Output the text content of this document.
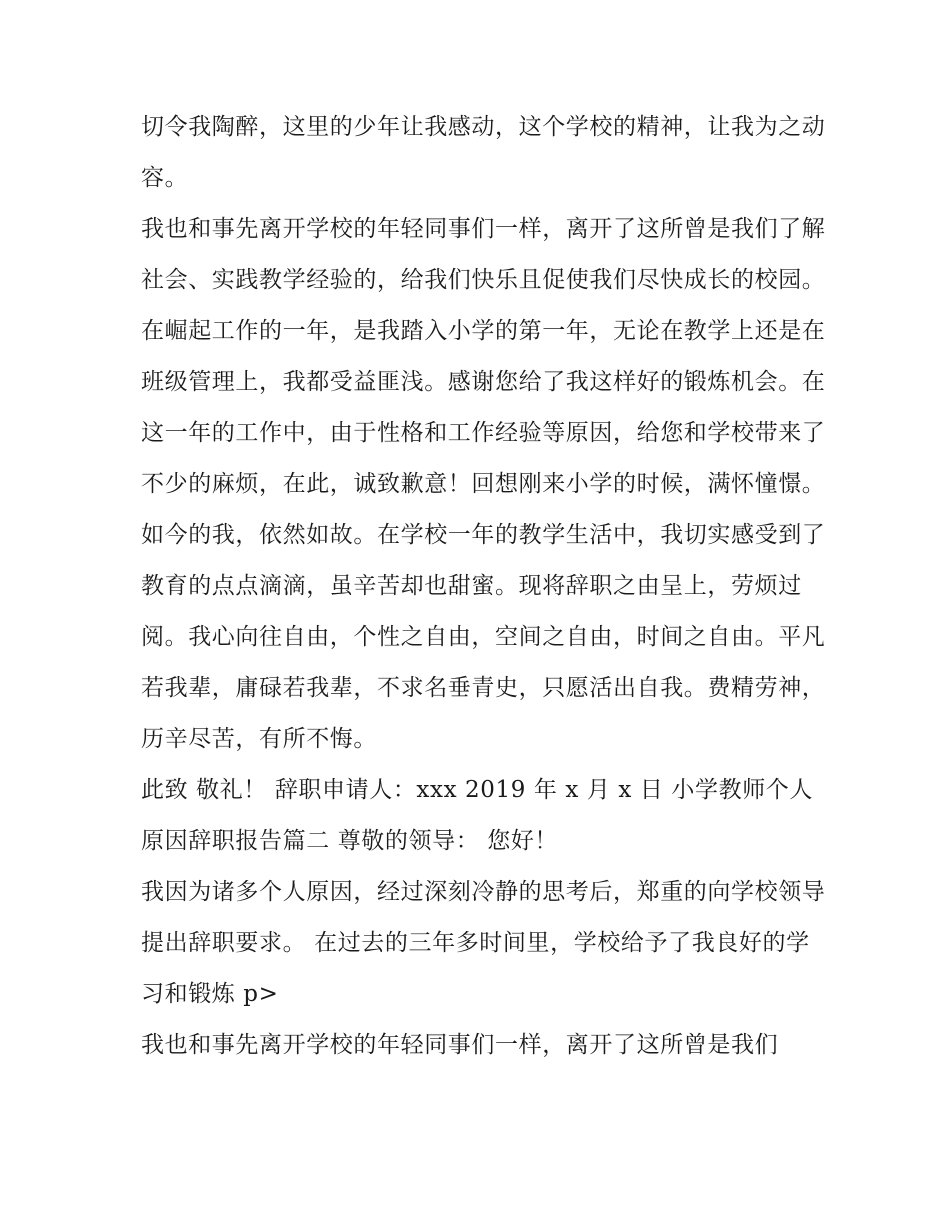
切令我陶醉，这里的少年让我感动，这个学校的精神，让我为之动容。

我也和事先离开学校的年轻同事们一样，离开了这所曾是我们了解社会、实践教学经验的，给我们快乐且促使我们尽快成长的校园。

在崛起工作的一年，是我踏入小学的第一年，无论在教学上还是在班级管理上，我都受益匪浅。感谢您给了我这样好的锻炼机会。在这一年的工作中，由于性格和工作经验等原因，给您和学校带来了不少的麻烦，在此，诚致歉意！回想刚来小学的时候，满怀憧憬。如今的我，依然如故。在学校一年的教学生活中，我切实感受到了教育的点点滴滴，虽辛苦却也甜蜜。现将辞职之由呈上，劳烦过阅。我心向往自由，个性之自由，空间之自由，时间之自由。平凡若我辈，庸碌若我辈，不求名垂青史，只愿活出自我。费精劳神，历辛尽苦，有所不悔。

此致 敬礼！ 辞职申请人：xxx 2019 年 x 月 x 日 小学教师个人原因辞职报告篇二 尊敬的领导： 您好！

我因为诸多个人原因，经过深刻冷静的思考后，郑重的向学校领导提出辞职要求。 在过去的三年多时间里，学校给予了我良好的学习和锻炼 p>

我也和事先离开学校的年轻同事们一样，离开了这所曾是我们
